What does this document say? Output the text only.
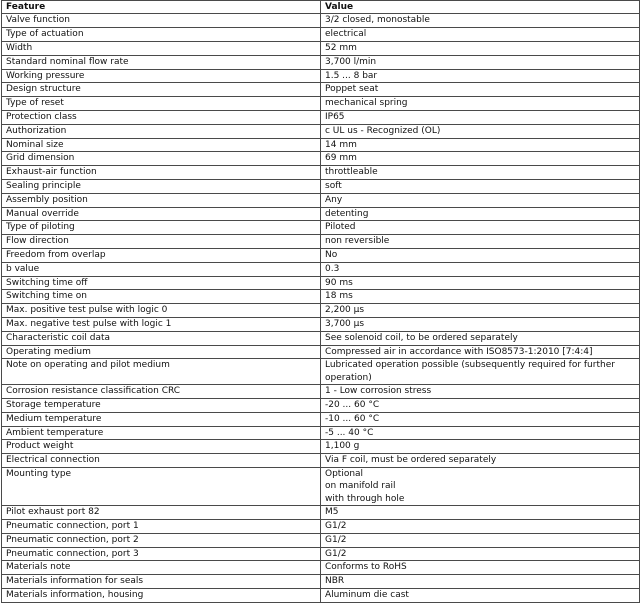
Feature	Value
Valve function	3/2 closed, monostable
Type of actuation	electrical
Width	52 mm
Standard nominal flow rate	3,700 l/min
Working pressure	1.5 ... 8 bar
Design structure	Poppet seat
Type of reset	mechanical spring
Protection class	IP65
Authorization	c UL us - Recognized (OL)
Nominal size	14 mm
Grid dimension	69 mm
Exhaust-air function	throttleable
Sealing principle	soft
Assembly position	Any
Manual override	detenting
Type of piloting	Piloted
Flow direction	non reversible
Freedom from overlap	No
b value	0.3
Switching time off	90 ms
Switching time on	18 ms
Max. positive test pulse with logic 0	2,200 µs
Max. negative test pulse with logic 1	3,700 µs
Characteristic coil data	See solenoid coil, to be ordered separately
Operating medium	Compressed air in accordance with ISO8573-1:2010 [7:4:4]
Note on operating and pilot medium	Lubricated operation possible (subsequently required for further
operation)
Corrosion resistance classification CRC	1 - Low corrosion stress
Storage temperature	-20 ... 60 °C
Medium temperature	-10 ... 60 °C
Ambient temperature	-5 ... 40 °C
Product weight	1,100 g
Electrical connection	Via F coil, must be ordered separately
Mounting type	Optional
on manifold rail
with through hole
Pilot exhaust port 82	M5
Pneumatic connection, port 1	G1/2
Pneumatic connection, port 2	G1/2
Pneumatic connection, port 3	G1/2
Materials note	Conforms to RoHS
Materials information for seals	NBR
Materials information, housing	Aluminum die cast
